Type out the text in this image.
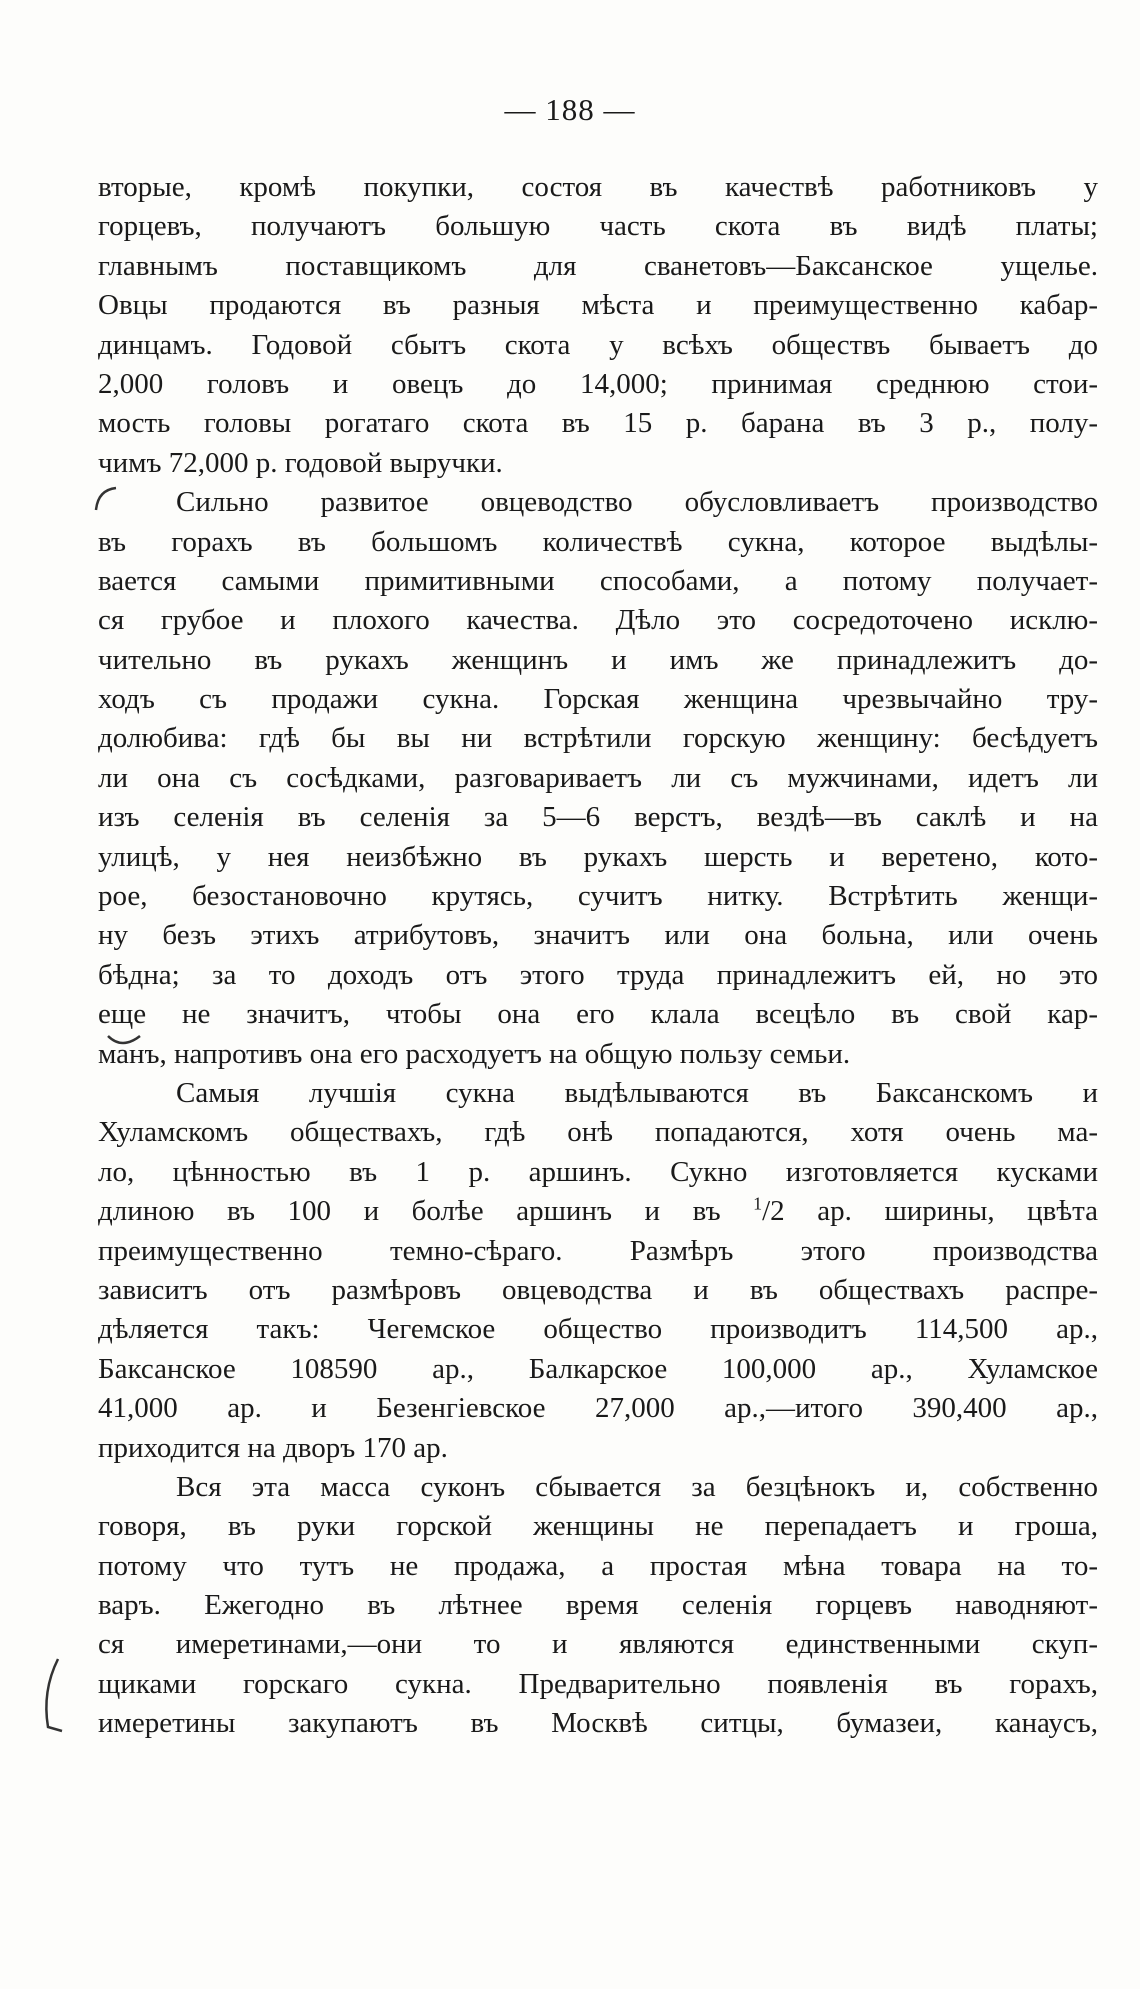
— 188 —
вторые, кромѣ покупки, состоя въ качествѣ работниковъ у
горцевъ, получаютъ большую часть скота въ видѣ платы;
главнымъ поставщикомъ для сванетовъ—Баксанское ущелье.
Овцы продаются въ разныя мѣста и преимущественно кабар-
динцамъ. Годовой сбытъ скота у всѣхъ обществъ бываетъ до
2,000 головъ и овецъ до 14,000; принимая среднюю стои-
мость головы рогатаго скота въ 15 р. барана въ 3 р., полу-
чимъ 72,000 р. годовой выручки.
Сильно развитое овцеводство обусловливаетъ производство
въ горахъ въ большомъ количествѣ сукна, которое выдѣлы-
вается самыми примитивными способами, а потому получает-
ся грубое и плохого качества. Дѣло это сосредоточено исклю-
чительно въ рукахъ женщинъ и имъ же принадлежитъ до-
ходъ съ продажи сукна. Горская женщина чрезвычайно тру-
долюбива: гдѣ бы вы ни встрѣтили горскую женщину: бесѣдуетъ
ли она съ сосѣдками, разговариваетъ ли съ мужчинами, идетъ ли
изъ селенія въ селенія за 5—6 верстъ, вездѣ—въ саклѣ и на
улицѣ, у нея неизбѣжно въ рукахъ шерсть и веретено, кото-
рое, безостановочно крутясь, сучитъ нитку. Встрѣтить женщи-
ну безъ этихъ атрибутовъ, значитъ или она больна, или очень
бѣдна; за то доходъ отъ этого труда принадлежитъ ей, но это
еще не значитъ, чтобы она его клала всецѣло въ свой кар-
манъ, напротивъ она его расходуетъ на общую пользу семьи.
Самыя лучшія сукна выдѣлываются въ Баксанскомъ и
Хуламскомъ обществахъ, гдѣ онѣ попадаются, хотя очень ма-
ло, цѣнностью въ 1 р. аршинъ. Сукно изготовляется кусками
длиною въ 100 и болѣе аршинъ и въ $^1$/2 ар. ширины, цвѣта
преимущественно темно-сѣраго. Размѣръ этого производства
зависитъ отъ размѣровъ овцеводства и въ обществахъ распре-
дѣляется такъ: Чегемское общество производитъ 114,500 ар.,
Баксанское 108590 ар., Балкарское 100,000 ар., Хуламское
41,000 ар. и Безенгіевское 27,000 ар.,—итого 390,400 ар.,
приходится на дворъ 170 ар.
Вся эта масса суконъ сбывается за безцѣнокъ и, собственно
говоря, въ руки горской женщины не перепадаетъ и гроша,
потому что тутъ не продажа, а простая мѣна товара на то-
варъ. Ежегодно въ лѣтнее время селенія горцевъ наводняют-
ся имеретинами,—они то и являются единственными скуп-
щиками горскаго сукна. Предварительно появленія въ горахъ,
имеретины закупаютъ въ Москвѣ ситцы, бумазеи, канаусъ,
